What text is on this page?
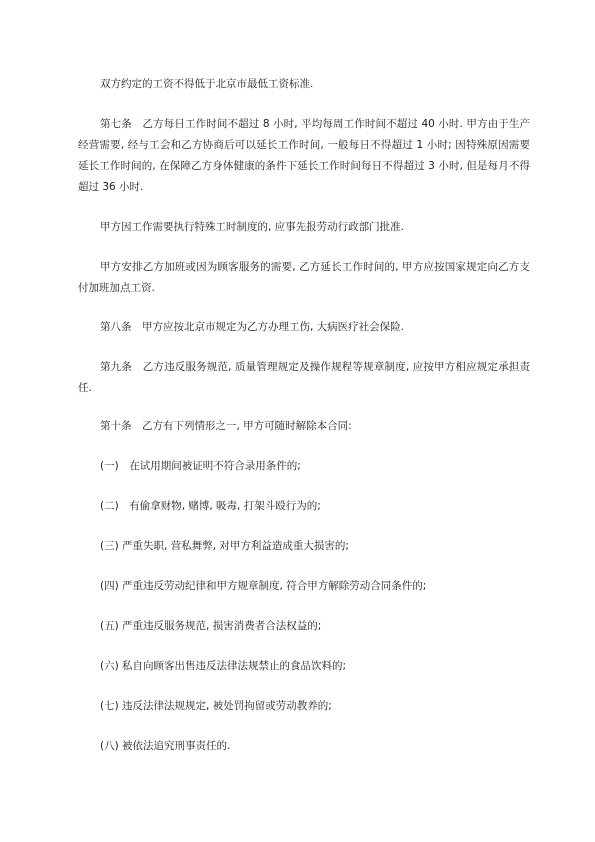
双方约定的工资不得低于北京市最低工资标准.

第七条　乙方每日工作时间不超过 8 小时, 平均每周工作时间不超过 40 小时. 甲方由于生产经营需要, 经与工会和乙方协商后可以延长工作时间, 一般每日不得超过 1 小时; 因特殊原因需要延长工作时间的, 在保障乙方身体健康的条件下延长工作时间每日不得超过 3 小时, 但是每月不得超过 36 小时.

甲方因工作需要执行特殊工时制度的, 应事先报劳动行政部门批准.

甲方安排乙方加班或因为顾客服务的需要, 乙方延长工作时间的, 甲方应按国家规定向乙方支付加班加点工资.

第八条　甲方应按北京市规定为乙方办理工伤, 大病医疗社会保险.

第九条　乙方违反服务规范, 质量管理规定及操作规程等规章制度, 应按甲方相应规定承担责任.

第十条　乙方有下列情形之一, 甲方可随时解除本合同:

(一)　在试用期间被证明不符合录用条件的;

(二)　有偷拿财物, 赌博, 吸毒, 打架斗殴行为的;

(三) 严重失职, 营私舞弊, 对甲方利益造成重大损害的;

(四) 严重违反劳动纪律和甲方规章制度, 符合甲方解除劳动合同条件的;

(五) 严重违反服务规范, 损害消费者合法权益的;

(六) 私自向顾客出售违反法律法规禁止的食品饮料的;

(七) 违反法律法规规定, 被处罚拘留或劳动教养的;

(八) 被依法追究刑事责任的.
